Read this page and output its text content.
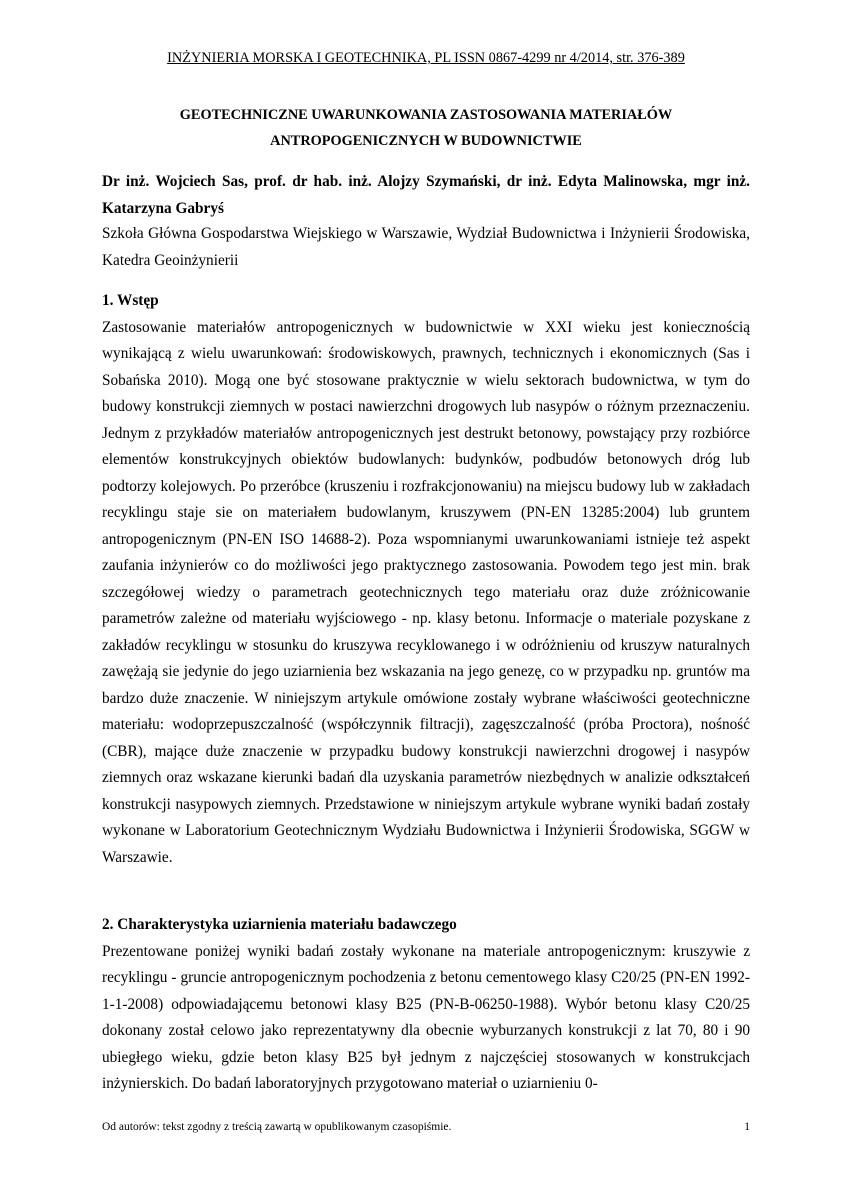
INŻYNIERIA MORSKA I GEOTECHNIKA, PL ISSN 0867-4299 nr 4/2014, str. 376-389
GEOTECHNICZNE UWARUNKOWANIA ZASTOSOWANIA MATERIAŁÓW
ANTROPOGENICZNYCH W BUDOWNICTWIE
Dr inż. Wojciech Sas, prof. dr hab. inż. Alojzy Szymański, dr inż. Edyta Malinowska, mgr inż. Katarzyna Gabryś
Szkoła Główna Gospodarstwa Wiejskiego w Warszawie, Wydział Budownictwa i Inżynierii Środowiska, Katedra Geoinżynierii
1. Wstęp

Zastosowanie materiałów antropogenicznych w budownictwie w XXI wieku jest koniecznością wynikającą z wielu uwarunkowań: środowiskowych, prawnych, technicznych i ekonomicznych (Sas i Sobańska 2010). Mogą one być stosowane praktycznie w wielu sektorach budownictwa, w tym do budowy konstrukcji ziemnych w postaci nawierzchni drogowych lub nasypów o różnym przeznaczeniu. Jednym z przykładów materiałów antropogenicznych jest destrukt betonowy, powstający przy rozbiórce elementów konstrukcyjnych obiektów budowlanych: budynków, podbudów betonowych dróg lub podtorzy kolejowych. Po przeróbce (kruszeniu i rozfrakcjonowaniu) na miejscu budowy lub w zakładach recyklingu staje sie on materiałem budowlanym, kruszywem (PN-EN 13285:2004) lub gruntem antropogenicznym (PN-EN ISO 14688-2). Poza wspomnianymi uwarunkowaniami istnieje też aspekt zaufania inżynierów co do możliwości jego praktycznego zastosowania. Powodem tego jest min. brak szczegółowej wiedzy o parametrach geotechnicznych tego materiału oraz duże zróżnicowanie parametrów zależne od materiału wyjściowego - np. klasy betonu. Informacje o materiale pozyskane z zakładów recyklingu w stosunku do kruszywa recyklowanego i w odróżnieniu od kruszyw naturalnych zawężają sie jedynie do jego uziarnienia bez wskazania na jego genezę, co w przypadku np. gruntów ma bardzo duże znaczenie. W niniejszym artykule omówione zostały wybrane właściwości geotechniczne materiału: wodoprzepuszczalność (współczynnik filtracji), zagęszczalność (próba Proctora), nośność (CBR), mające duże znaczenie w przypadku budowy konstrukcji nawierzchni drogowej i nasypów ziemnych oraz wskazane kierunki badań dla uzyskania parametrów niezbędnych w analizie odkształceń konstrukcji nasypowych ziemnych. Przedstawione w niniejszym artykule wybrane wyniki badań zostały wykonane w Laboratorium Geotechnicznym Wydziału Budownictwa i Inżynierii Środowiska, SGGW w Warszawie.

2. Charakterystyka uziarnienia materiału badawczego

Prezentowane poniżej wyniki badań zostały wykonane na materiale antropogenicznym: kruszywie z recyklingu - gruncie antropogenicznym pochodzenia z betonu cementowego klasy C20/25 (PN-EN 1992-1-1-2008) odpowiadającemu betonowi klasy B25 (PN-B-06250-1988). Wybór betonu klasy C20/25 dokonany został celowo jako reprezentatywny dla obecnie wyburzanych konstrukcji z lat 70, 80 i 90 ubiegłego wieku, gdzie beton klasy B25 był jednym z najczęściej stosowanych w konstrukcjach inżynierskich. Do badań laboratoryjnych przygotowano materiał o uziarnieniu 0-

Od autorów: tekst zgodny z treścią zawartą w opublikowanym czasopiśmie.	1
